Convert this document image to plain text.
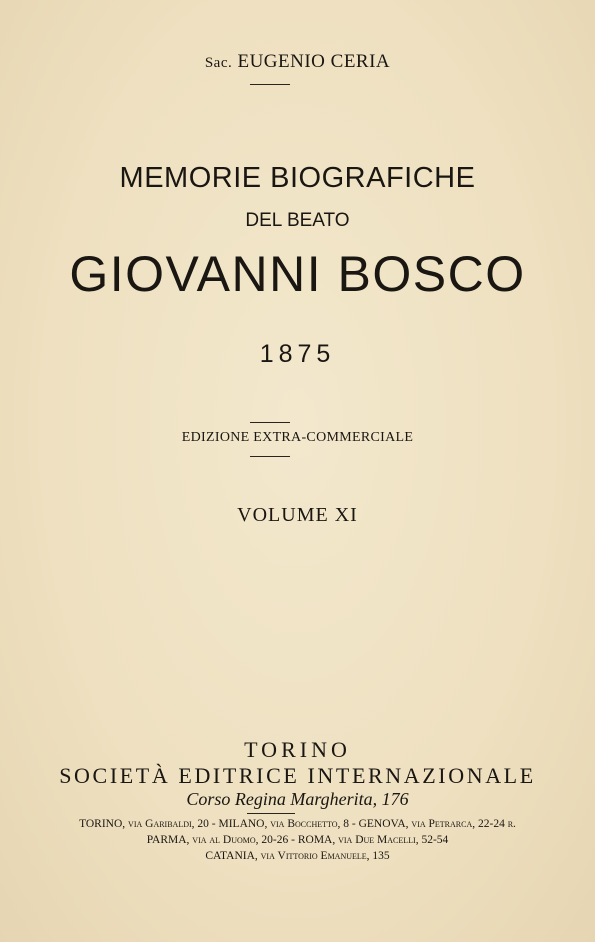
Sac. EUGENIO CERIA
MEMORIE BIOGRAFICHE
DEL BEATO
GIOVANNI BOSCO
1875
EDIZIONE EXTRA-COMMERCIALE
VOLUME XI
TORINO
SOCIETÀ EDITRICE INTERNAZIONALE
Corso Regina Margherita, 176
TORINO, via Garibaldi, 20 - MILANO, via Bocchetto, 8 - GENOVA, via Petrarca, 22-24 r.
PARMA, via al Duomo, 20-26 - ROMA, via Due Macelli, 52-54
CATANIA, via Vittorio Emanuele, 135
